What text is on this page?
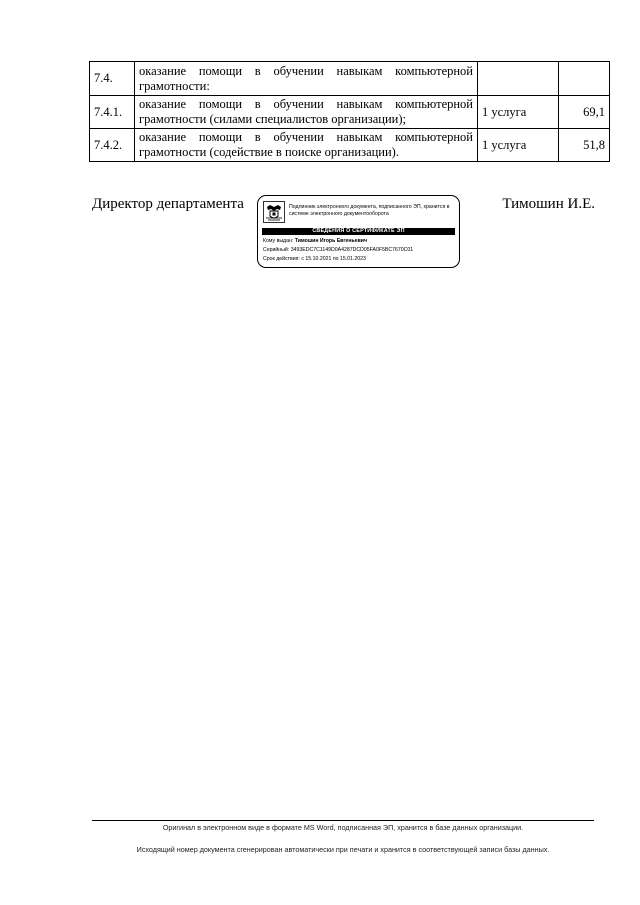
7.4.	оказание помощи в обучении навыкам компьютерной грамотности:		
7.4.1.	оказание помощи в обучении навыкам компьютерной грамотности (силами специалистов организации);	1 услуга	69,1
7.4.2.	оказание помощи в обучении навыкам компьютерной грамотности (содействие в поиске организации).	1 услуга	51,8
Директор департамента	Подлинник электронного документа, подписанного ЭП, хранится в системе электронного документооборота
СВЕДЕНИЯ О СЕРТИФИКАТЕ ЭП
Кому выдан: Тимошин Игорь Евгеньевич
Серийный: 3493EDC7C1149D0A4287DCD05FA0F5BC7670C01
Срок действия: с 15.10.2021 по 15.01.2023
Тимошин И.Е.
Оригинал в электронном виде в формате MS Word, подписанная ЭП, хранится в базе данных организации.
Исходящий номер документа сгенерирован автоматически при печати и хранится в соответствующей записи базы данных.
